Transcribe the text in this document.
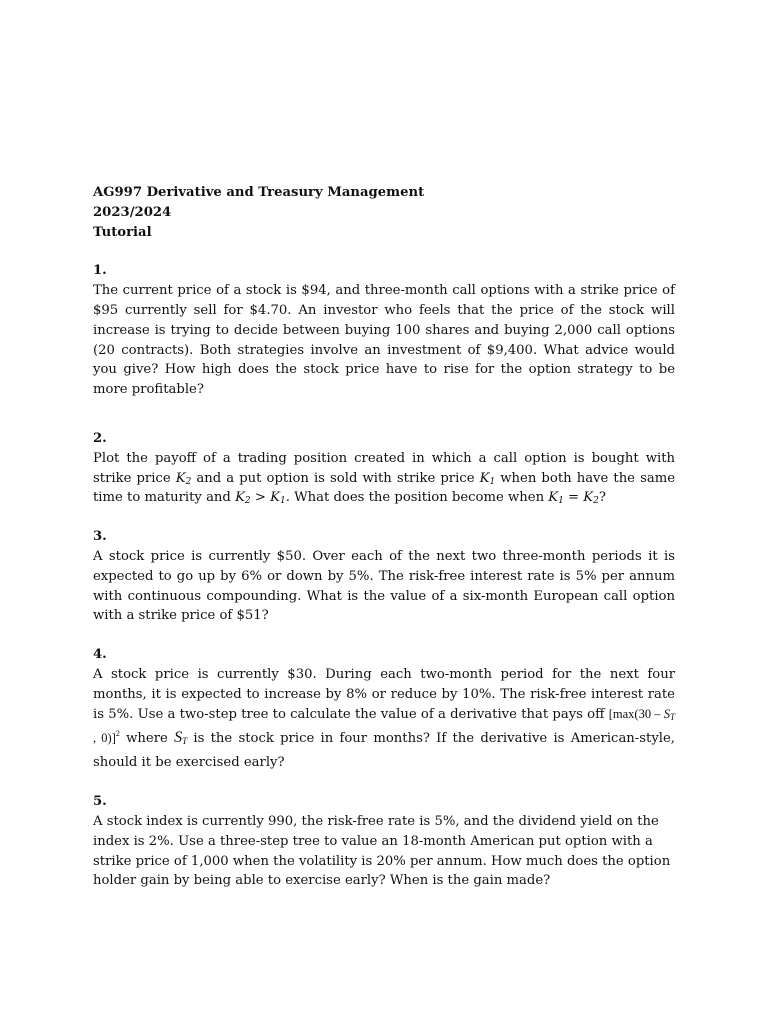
AG997 Derivative and Treasury Management

2023/2024

Tutorial

1.

The current price of a stock is $94, and three-month call options with a strike price of $95 currently sell for $4.70. An investor who feels that the price of the stock will increase is trying to decide between buying 100 shares and buying 2,000 call options (20 contracts). Both strategies involve an investment of $9,400. What advice would you give? How high does the stock price have to rise for the option strategy to be more profitable?

2.

Plot the payoff of a trading position created in which a call option is bought with strike price $K_2$ and a put option is sold with strike price $K_1$ when both have the same time to maturity and $K_2 > K_1$. What does the position become when $K_1 = K_2$?

3.

A stock price is currently $50. Over each of the next two three-month periods it is expected to go up by 6% or down by 5%. The risk-free interest rate is 5% per annum with continuous compounding. What is the value of a six-month European call option with a strike price of $51?

4.

A stock price is currently $30. During each two-month period for the next four months, it is expected to increase by 8% or reduce by 10%. The risk-free interest rate is 5%. Use a two-step tree to calculate the value of a derivative that pays off [$\max(30 - S_T$ , 0)]$^2$ where $S_T$ is the stock price in four months? If the derivative is American-style, should it be exercised early?

5.

A stock index is currently 990, the risk-free rate is 5%, and the dividend yield on the index is 2%. Use a three-step tree to value an 18-month American put option with a strike price of 1,000 when the volatility is 20% per annum. How much does the option holder gain by being able to exercise early? When is the gain made?
